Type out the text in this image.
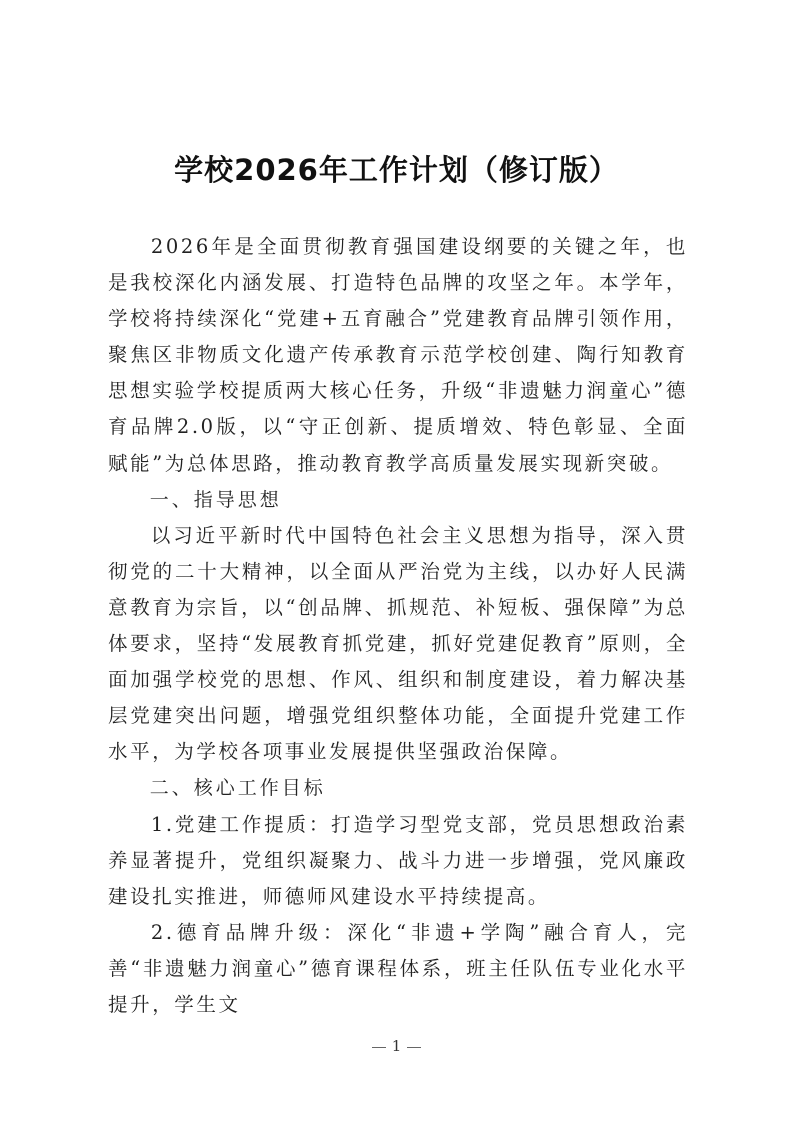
学校2026年工作计划（修订版）

2026年是全面贯彻教育强国建设纲要的关键之年，也是我校深化内涵发展、打造特色品牌的攻坚之年。本学年，学校将持续深化“党建+五育融合”党建教育品牌引领作用，聚焦区非物质文化遗产传承教育示范学校创建、陶行知教育思想实验学校提质两大核心任务，升级“非遗魅力润童心”德育品牌2.0版，以“守正创新、提质增效、特色彰显、全面赋能”为总体思路，推动教育教学高质量发展实现新突破。

一、指导思想

以习近平新时代中国特色社会主义思想为指导，深入贯彻党的二十大精神，以全面从严治党为主线，以办好人民满意教育为宗旨，以“创品牌、抓规范、补短板、强保障”为总体要求，坚持“发展教育抓党建，抓好党建促教育”原则，全面加强学校党的思想、作风、组织和制度建设，着力解决基层党建突出问题，增强党组织整体功能，全面提升党建工作水平，为学校各项事业发展提供坚强政治保障。

二、核心工作目标

1.党建工作提质：打造学习型党支部，党员思想政治素养显著提升，党组织凝聚力、战斗力进一步增强，党风廉政建设扎实推进，师德师风建设水平持续提高。

2.德育品牌升级：深化“非遗+学陶”融合育人，完善“非遗魅力润童心”德育课程体系，班主任队伍专业化水平提升，学生文

1
